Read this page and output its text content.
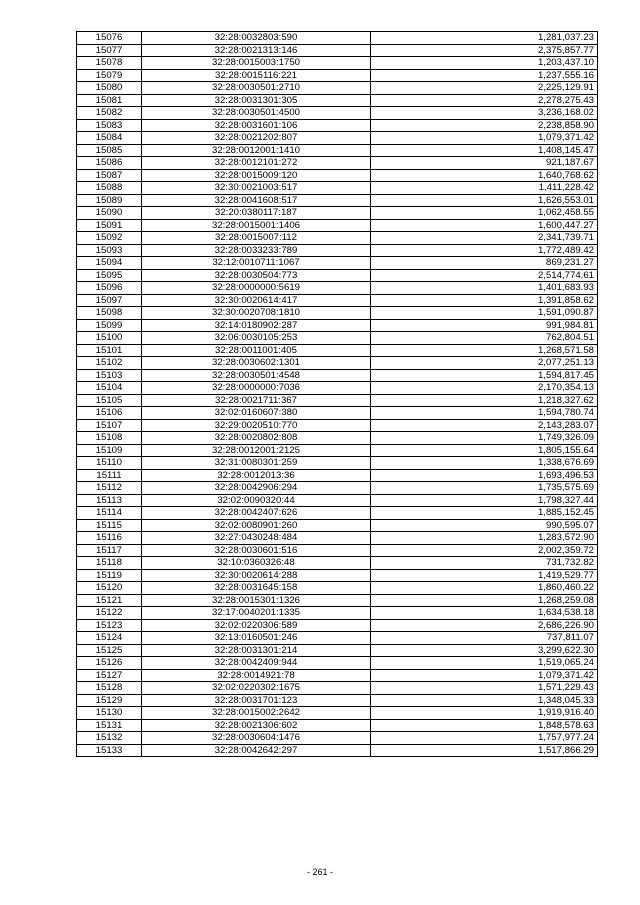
15076	32:28:0032803:590	1,281,037.23
15077	32:28:0021313:146	2,375,857.77
15078	32:28:0015003:1750	1,203,437.10
15079	32:28:0015116:221	1,237,555.16
15080	32:28:0030501:2710	2,225,129.91
15081	32:28:0031301:305	2,278,275.43
15082	32:28:0030501:4500	3,236,168.02
15083	32:28:0031601:106	2,238,858.90
15084	32:28:0021202:807	1,079,371.42
15085	32:28:0012001:1410	1,408,145.47
15086	32:28:0012101:272	921,187.67
15087	32:28:0015009:120	1,640,768.62
15088	32:30:0021003:517	1,411,228.42
15089	32:28:0041608:517	1,626,553.01
15090	32:20:0380117:187	1,062,458.55
15091	32:28:0015001:1406	1,600,447.27
15092	32:28:0015007:112	2,341,739.71
15093	32:28:0033233:789	1,772,489.42
15094	32:12:0010711:1067	869,231.27
15095	32:28:0030504:773	2,514,774.61
15096	32:28:0000000:5619	1,401,683.93
15097	32:30:0020614:417	1,391,858.62
15098	32:30:0020708:1810	1,591,090.87
15099	32:14:0180902:287	991,984.81
15100	32:06:0030105:253	762,804.51
15101	32:28:0011001:405	1,268,571.58
15102	32:28:0030602:1301	2,077,251.13
15103	32:28:0030501:4548	1,594,817.45
15104	32:28:0000000:7036	2,170,354.13
15105	32:28:0021711:367	1,218,327.62
15106	32:02:0160607:380	1,594,780.74
15107	32:29:0020510:770	2,143,283.07
15108	32:28:0020802:808	1,749,326.09
15109	32:28:0012001:2125	1,805,155.64
15110	32:31:0080301:259	1,338,676.69
15111	32:28:0012013:36	1,693,496.53
15112	32:28:0042906:294	1,735,575.69
15113	32:02:0090320:44	1,798,327.44
15114	32:28:0042407:626	1,885,152.45
15115	32:02:0080901:260	990,595.07
15116	32:27:0430248:484	1,283,572.90
15117	32:28:0030601:516	2,002,359.72
15118	32:10:0360326:48	731,732.82
15119	32:30:0020614:288	1,419,529.77
15120	32:28:0031645:158	1,860,460.22
15121	32:28:0015301:1326	1,268,259.08
15122	32:17:0040201:1335	1,634,538.18
15123	32:02:0220306:589	2,686,226.90
15124	32:13:0160501:246	737,811.07
15125	32:28:0031301:214	3,299,622.30
15126	32:28:0042409:944	1,519,065.24
15127	32:28:0014921:78	1,079,371.42
15128	32:02:0220302:1675	1,571,229.43
15129	32:28:0031701:123	1,348,045.33
15130	32:28:0015002:2642	1,919,916.40
15131	32:28:0021306:602	1,848,578.63
15132	32:28:0030604:1476	1,757,977.24
15133	32:28:0042642:297	1,517,866.29
- 261 -
